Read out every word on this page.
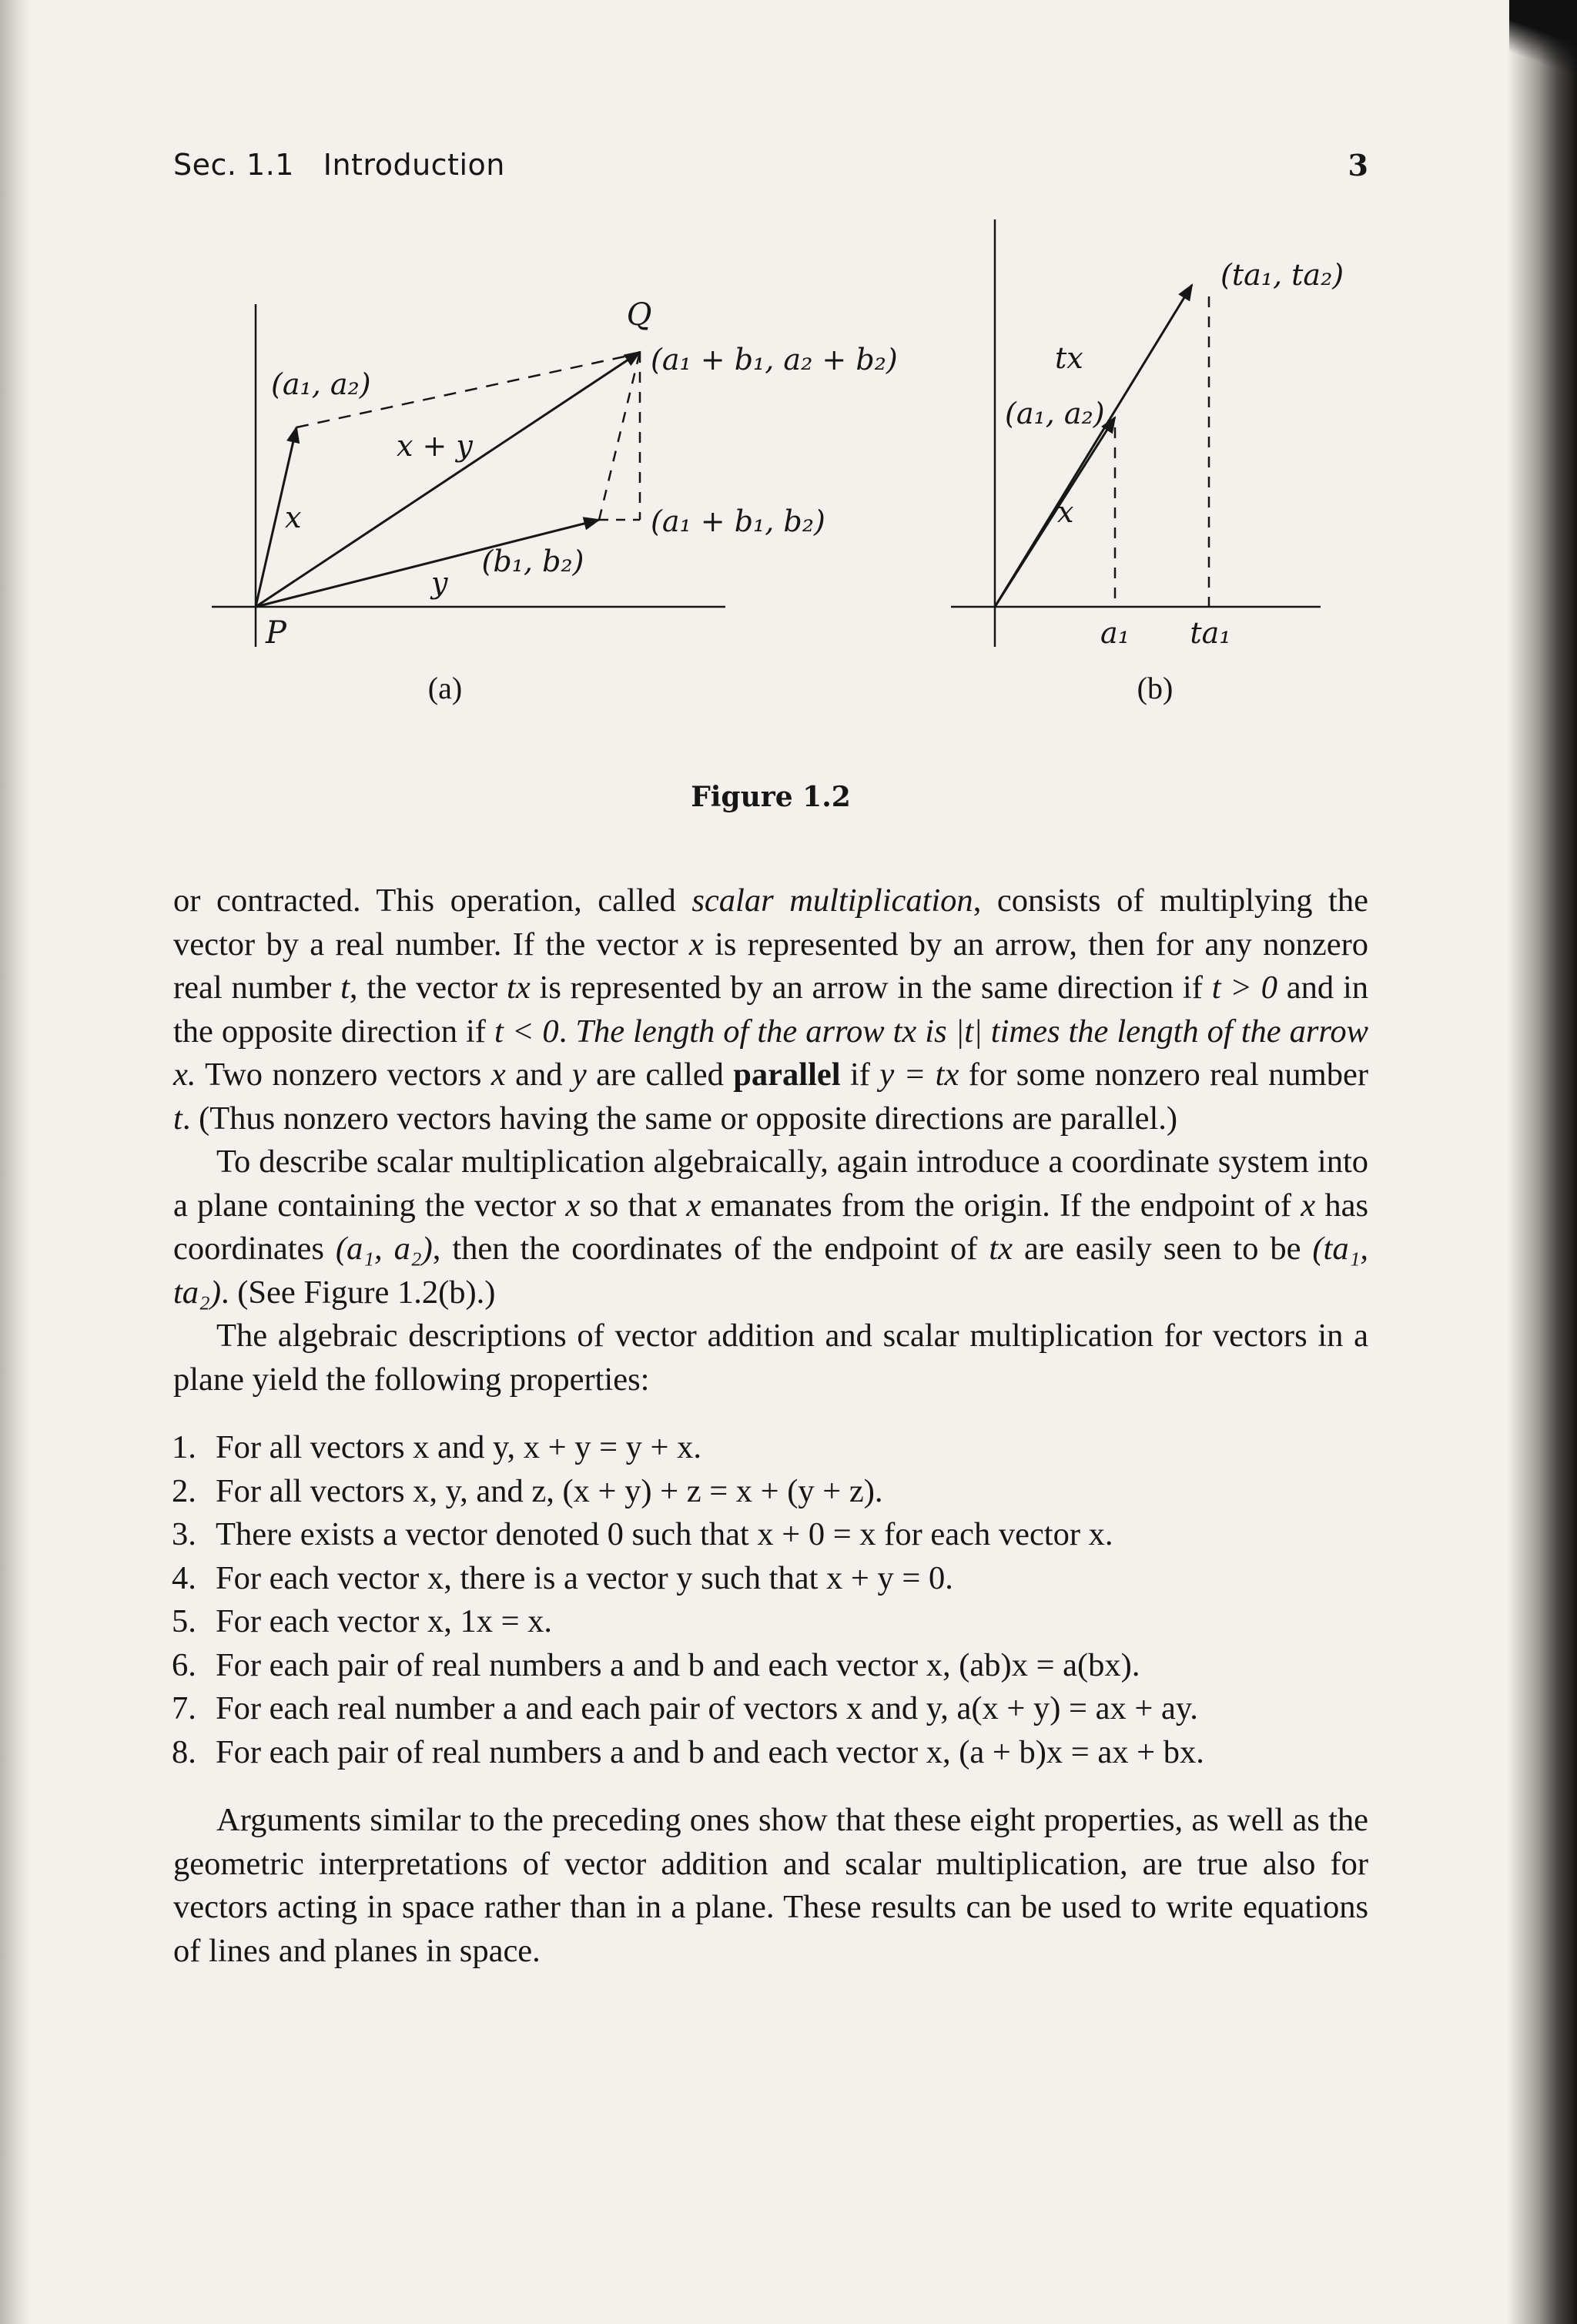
Sec. 1.1 Introduction	3
Q
(a₁, a₂)
(a₁ + b₁, a₂ + b₂)
x + y
x	(a₁ + b₁, b₂)
(b₁, b₂)
y
P
(ta₁, ta₂)
tx
(a₁, a₂)
x
a₁ ta₁
(a)	(b)
Figure 1.2

or contracted. This operation, called scalar multiplication, consists of multiplying the vector by a real number. If the vector x is represented by an arrow, then for any nonzero real number t, the vector tx is represented by an arrow in the same direction if t > 0 and in the opposite direction if t < 0. The length of the arrow tx is |t| times the length of the arrow x. Two nonzero vectors x and y are called parallel if y = tx for some nonzero real number t. (Thus nonzero vectors having the same or opposite directions are parallel.)

To describe scalar multiplication algebraically, again introduce a coordinate system into a plane containing the vector x so that x emanates from the origin. If the endpoint of x has coordinates (a₁, a₂), then the coordinates of the endpoint of tx are easily seen to be (ta₁, ta₂). (See Figure 1.2(b).)

The algebraic descriptions of vector addition and scalar multiplication for vectors in a plane yield the following properties:

1. For all vectors x and y, x + y = y + x.
2. For all vectors x, y, and z, (x + y) + z = x + (y + z).
3. There exists a vector denoted 0 such that x + 0 = x for each vector x.
4. For each vector x, there is a vector y such that x + y = 0.
5. For each vector x, 1x = x.
6. For each pair of real numbers a and b and each vector x, (ab)x = a(bx).
7. For each real number a and each pair of vectors x and y, a(x + y) = ax + ay.
8. For each pair of real numbers a and b and each vector x, (a + b)x = ax + bx.

Arguments similar to the preceding ones show that these eight properties, as well as the geometric interpretations of vector addition and scalar multiplication, are true also for vectors acting in space rather than in a plane. These results can be used to write equations of lines and planes in space.
